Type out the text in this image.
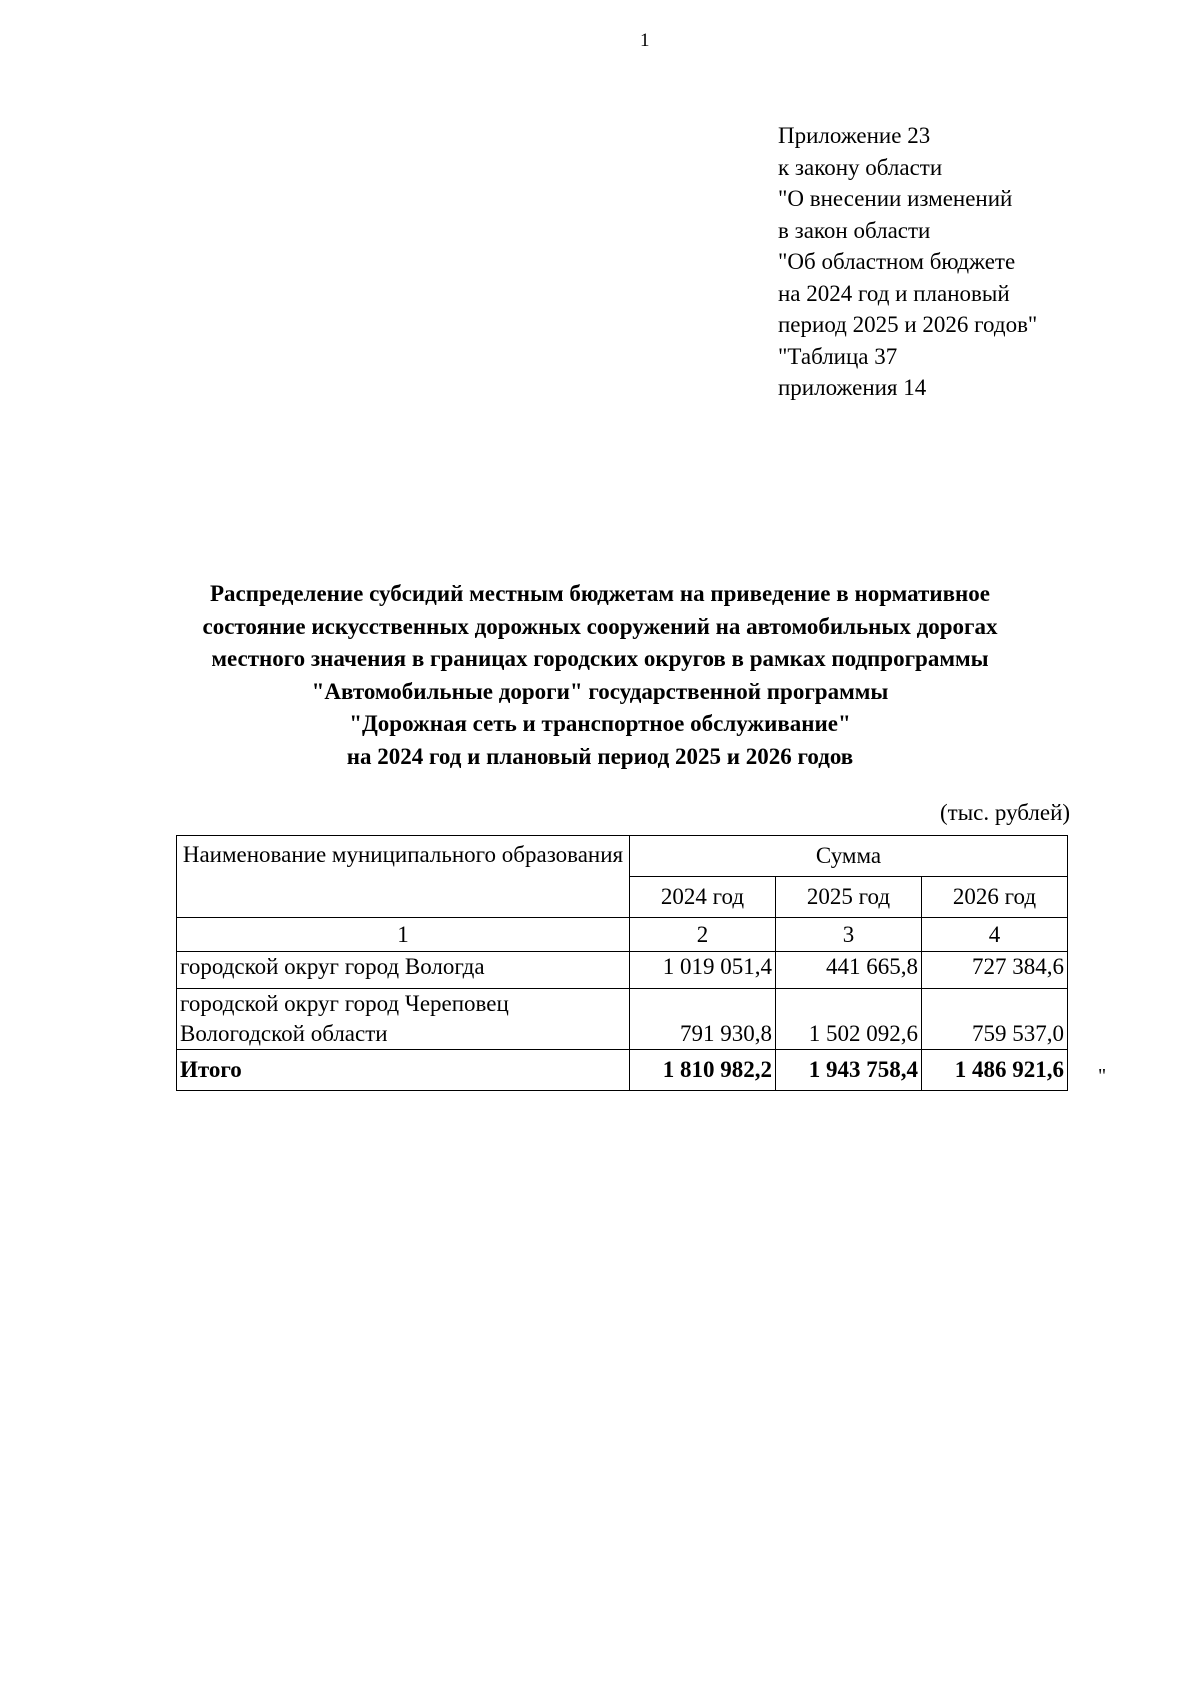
1
Приложение 23
к закону области
"О внесении изменений
в закон области
"Об областном бюджете
на 2024 год и плановый
период 2025 и 2026 годов"
"Таблица 37
приложения 14
Распределение субсидий местным бюджетам на приведение в нормативное
состояние искусственных дорожных сооружений на автомобильных дорогах
местного значения в границах городских округов в рамках подпрограммы
"Автомобильные дороги" государственной программы
"Дорожная сеть и транспортное обслуживание"
на 2024 год и плановый период 2025 и 2026 годов
(тыс. рублей)
Наименование муниципального образования	Сумма		
	2024 год	2025 год	2026 год
1	2	3	4
городской округ город Вологда	1 019 051,4	441 665,8	727 384,6

городской округ город Череповец
Вологодской области	791 930,8	1 502 092,6	759 537,0
Итого	1 810 982,2	1 943 758,4	1 486 921,6 "
